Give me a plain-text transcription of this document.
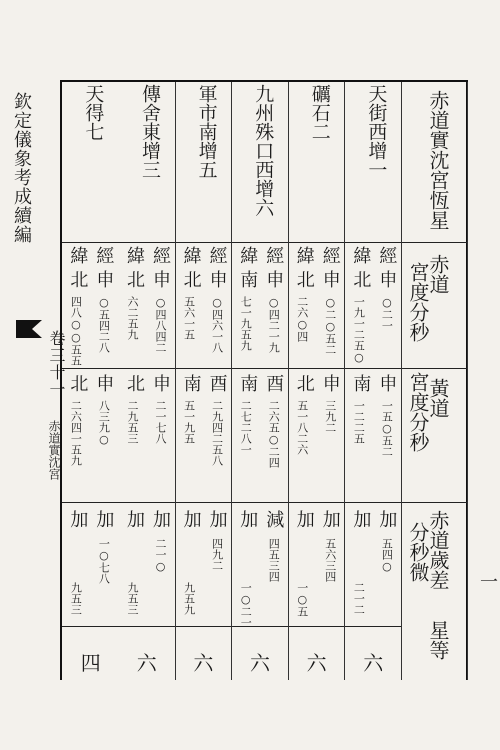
欽定儀象考成續編
卷三十一
赤道實沈宮
一
赤道實沈宮恆星
赤道
宮度分秒
黃道
宮度分秒
赤道歲差
分秒微
星等
天街西增一
經
申
○二一
緯
北
一九一二五○
申
一五○五二
南
一二二五
加
五四○
加
二一二
六
礪石二
經
申
○二○五二
緯
北
二六○四
申
三九二
北
五一八二六
加
五六三四
加
一○五
六
九州殊口西增六
經
申
○四二一九
緯
南
七一九五九
酉
二六五○二四
南
二七二八一
減
四五三四
加
一○二一
六
軍市南增五
經
申
○四六一八
緯
北
五六一五
酉
二九四二五八
南
五一九五
加
四九二
加
九五九
六
傳舍東增三
經
申
○四八四二
緯
北
六二五九
申
二一七八
北
二九五三
加
二一○
加
九五三
六
天得七
經
申
○五四二八
緯
北
四八○○五五
申
八三九○
北
二六四一五九
加
一○七八
加
九五三
四
